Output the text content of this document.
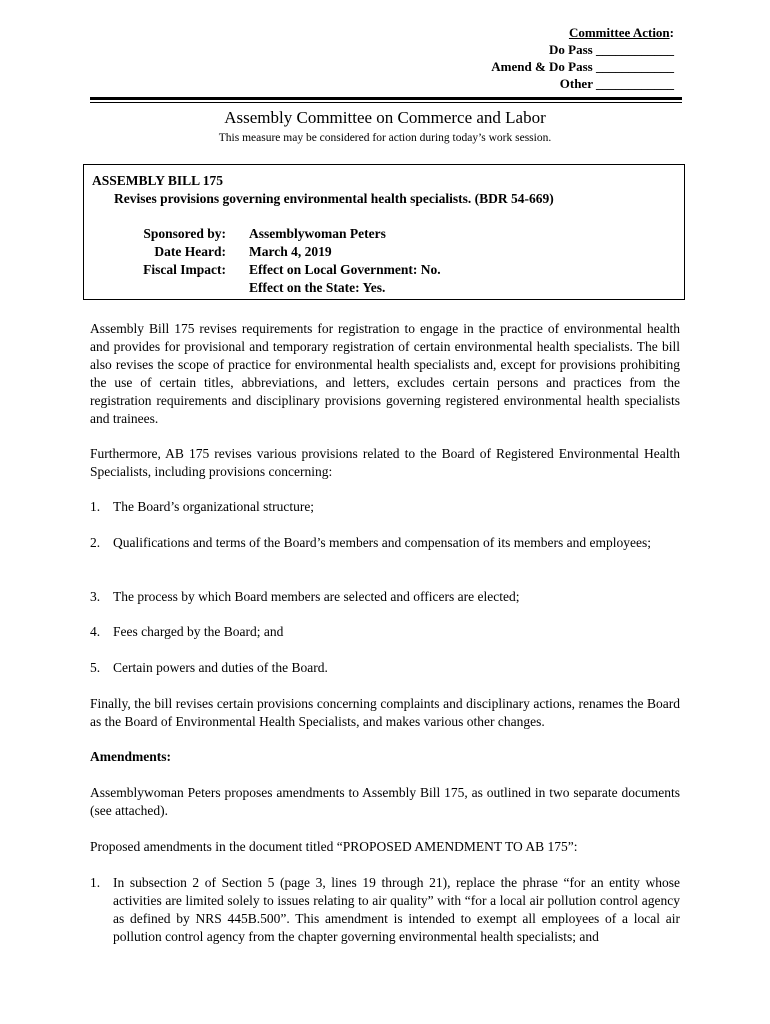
Committee Action:
Do Pass ____________
Amend & Do Pass ____________
Other ____________
Assembly Committee on Commerce and Labor
This measure may be considered for action during today’s work session.
ASSEMBLY BILL 175
Revises provisions governing environmental health specialists. (BDR 54-669)
Sponsored by: Assemblywoman Peters
Date Heard: March 4, 2019
Fiscal Impact: Effect on Local Government: No.
Effect on the State: Yes.
Assembly Bill 175 revises requirements for registration to engage in the practice of environmental health and provides for provisional and temporary registration of certain environmental health specialists. The bill also revises the scope of practice for environmental health specialists and, except for provisions prohibiting the use of certain titles, abbreviations, and letters, excludes certain persons and practices from the registration requirements and disciplinary provisions governing registered environmental health specialists and trainees.
Furthermore, AB 175 revises various provisions related to the Board of Registered Environmental Health Specialists, including provisions concerning:
1. The Board’s organizational structure;
2. Qualifications and terms of the Board’s members and compensation of its members and employees;
3. The process by which Board members are selected and officers are elected;
4. Fees charged by the Board; and
5. Certain powers and duties of the Board.
Finally, the bill revises certain provisions concerning complaints and disciplinary actions, renames the Board as the Board of Environmental Health Specialists, and makes various other changes.
Amendments:
Assemblywoman Peters proposes amendments to Assembly Bill 175, as outlined in two separate documents (see attached).
Proposed amendments in the document titled “PROPOSED AMENDMENT TO AB 175”:
1. In subsection 2 of Section 5 (page 3, lines 19 through 21), replace the phrase “for an entity whose activities are limited solely to issues relating to air quality” with “for a local air pollution control agency as defined by NRS 445B.500”. This amendment is intended to exempt all employees of a local air pollution control agency from the chapter governing environmental health specialists; and
